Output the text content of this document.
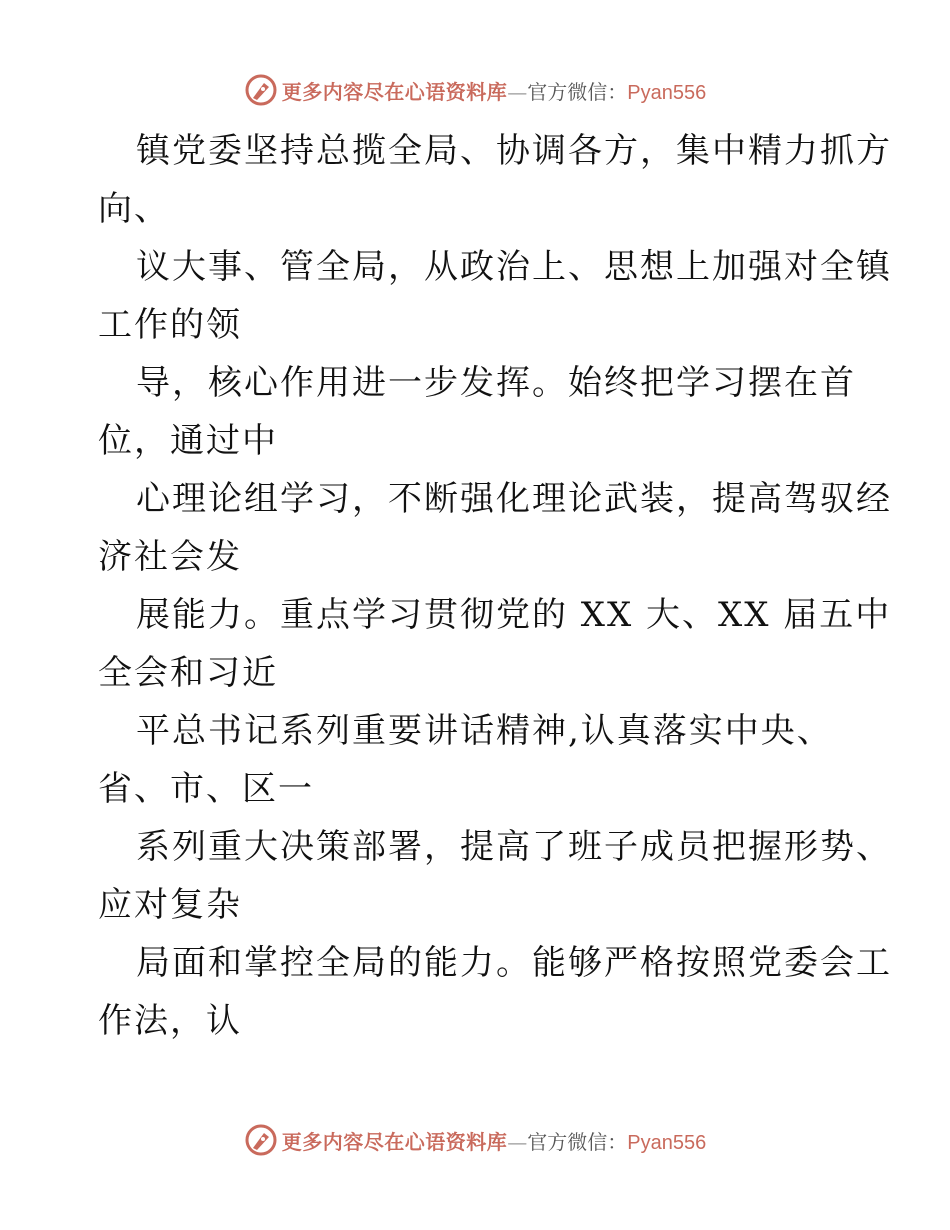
更多内容尽在心语资料库 — 官方微信： Pyan556
镇党委坚持总揽全局、协调各方，集中精力抓方
向、
议大事、管全局，从政治上、思想上加强对全镇
工作的领
导，核心作用进一步发挥。始终把学习摆在首
位，通过中
心理论组学习，不断强化理论武装，提高驾驭经
济社会发
展能力。重点学习贯彻党的 XX 大、XX 届五中
全会和习近
平总书记系列重要讲话精神,认真落实中央、
省、市、区一
系列重大决策部署，提高了班子成员把握形势、
应对复杂
局面和掌控全局的能力。能够严格按照党委会工
作法，认
更多内容尽在心语资料库 — 官方微信： Pyan556
